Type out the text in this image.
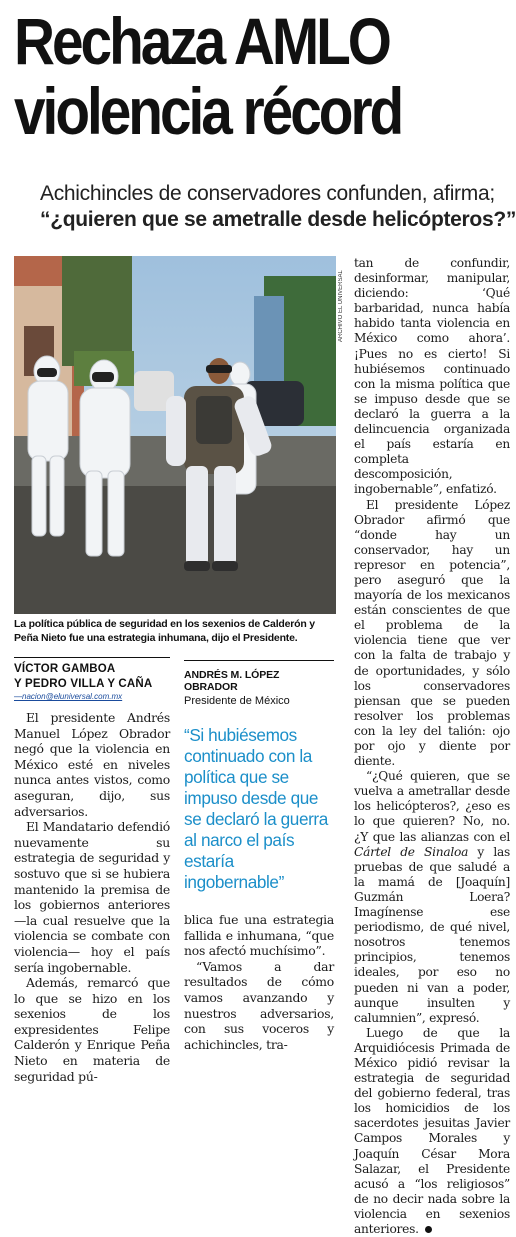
Rechaza AMLO
violencia récord
Achichincles de conservadores confunden, afirma;
“¿quieren que se ametralle desde helicópteros?”
ARCHIVO EL UNIVERSAL
La política pública de seguridad en los sexenios de Calderón y Peña Nieto fue una estrategia inhumana, dijo el Presidente.
VÍCTOR GAMBOA
Y PEDRO VILLA Y CAÑA
—nacion@eluniversal.com.mx

El presidente Andrés Manuel López Obrador negó que la violencia en México esté en niveles nunca antes vistos, como aseguran, dijo, sus adversarios.

El Mandatario defendió nuevamente su estrategia de seguridad y sostuvo que si se hubiera mantenido la premisa de los gobiernos anteriores —la cual resuelve que la violencia se combate con violencia— hoy el país sería ingobernable.

Además, remarcó que lo que se hizo en los sexenios de los expresidentes Felipe Calderón y Enrique Peña Nieto en materia de seguridad pú-

ANDRÉS M. LÓPEZ OBRADOR
Presidente de México
“Si hubiésemos continuado con la política que se impuso desde que se declaró la guerra al narco el país estaría ingobernable”

blica fue una estrategia fallida e inhumana, “que nos afectó muchísimo”.

“Vamos a dar resultados de cómo vamos avanzando y nuestros adversarios, con sus voceros y achichincles, tra-

tan de confundir, desinformar, manipular, diciendo: ‘Qué barbaridad, nunca había habido tanta violencia en México como ahora’. ¡Pues no es cierto! Si hubiésemos continuado con la misma política que se impuso desde que se declaró la guerra a la delincuencia organizada el país estaría en completa descomposición, ingobernable”, enfatizó.

El presidente López Obrador afirmó que “donde hay un conservador, hay un represor en potencia”, pero aseguró que la mayoría de los mexicanos están conscientes de que el problema de la violencia tiene que ver con la falta de trabajo y de oportunidades, y sólo los conservadores piensan que se pueden resolver los problemas con la ley del talión: ojo por ojo y diente por diente.

“¿Qué quieren, que se vuelva a ametrallar desde los helicópteros?, ¿eso es lo que quieren? No, no. ¿Y que las alianzas con el Cártel de Sinaloa y las pruebas de que saludé a la mamá de [Joaquín] Guzmán Loera? Imagínense ese periodismo, de qué nivel, nosotros tenemos principios, tenemos ideales, por eso no pueden ni van a poder, aunque insulten y calumnien”, expresó.

Luego de que la Arquidiócesis Primada de México pidió revisar la estrategia de seguridad del gobierno federal, tras los homicidios de los sacerdotes jesuitas Javier Campos Morales y Joaquín César Mora Salazar, el Presidente acusó a “los religiosos” de no decir nada sobre la violencia en sexenios anteriores.
